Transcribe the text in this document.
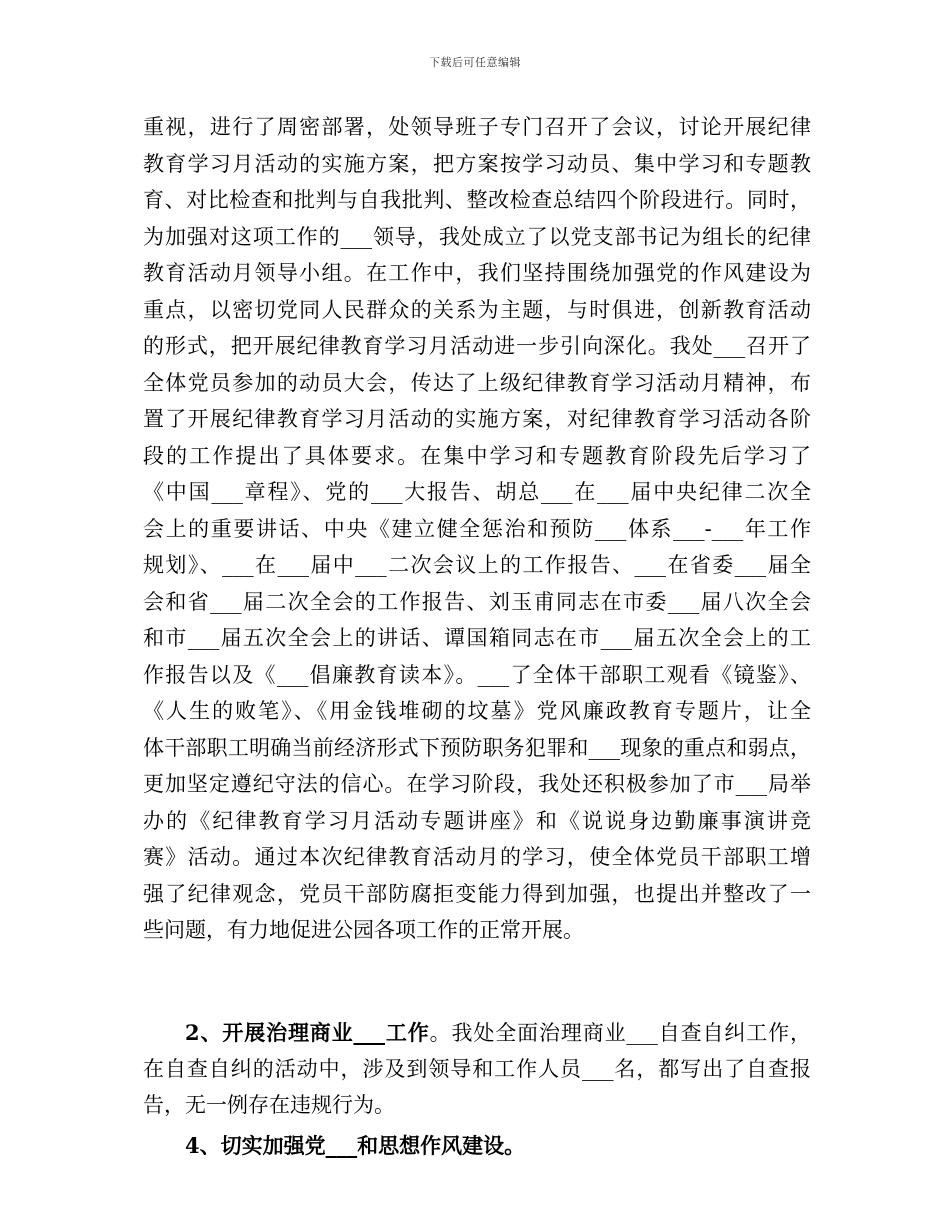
下载后可任意编辑
重视，进行了周密部署，处领导班子专门召开了会议，讨论开展纪律
教育学习月活动的实施方案，把方案按学习动员、集中学习和专题教
育、对比检查和批判与自我批判、整改检查总结四个阶段进行。同时，
为加强对这项工作的___领导，我处成立了以党支部书记为组长的纪律
教育活动月领导小组。在工作中，我们坚持围绕加强党的作风建设为
重点，以密切党同人民群众的关系为主题，与时俱进，创新教育活动
的形式，把开展纪律教育学习月活动进一步引向深化。我处___召开了
全体党员参加的动员大会，传达了上级纪律教育学习活动月精神，布
置了开展纪律教育学习月活动的实施方案，对纪律教育学习活动各阶
段的工作提出了具体要求。在集中学习和专题教育阶段先后学习了
《中国___章程》、党的___大报告、胡总___在___届中央纪律二次全
会上的重要讲话、中央《建立健全惩治和预防___体系___-___年工作
规划》、___在___届中___二次会议上的工作报告、___在省委___届全
会和省___届二次全会的工作报告、刘玉甫同志在市委___届八次全会
和市___届五次全会上的讲话、谭国箱同志在市___届五次全会上的工
作报告以及《___倡廉教育读本》。___了全体干部职工观看《镜鉴》、
《人生的败笔》、《用金钱堆砌的坟墓》党风廉政教育专题片，让全
体干部职工明确当前经济形式下预防职务犯罪和___现象的重点和弱点，
更加坚定遵纪守法的信心。在学习阶段，我处还积极参加了市___局举
办的《纪律教育学习月活动专题讲座》和《说说身边勤廉事演讲竞
赛》活动。通过本次纪律教育活动月的学习，使全体党员干部职工增
强了纪律观念，党员干部防腐拒变能力得到加强，也提出并整改了一
些问题，有力地促进公园各项工作的正常开展。
2、开展治理商业___工作。我处全面治理商业___自查自纠工作，
在自查自纠的活动中，涉及到领导和工作人员___名，都写出了自查报
告，无一例存在违规行为。
4、切实加强党___和思想作风建设。
